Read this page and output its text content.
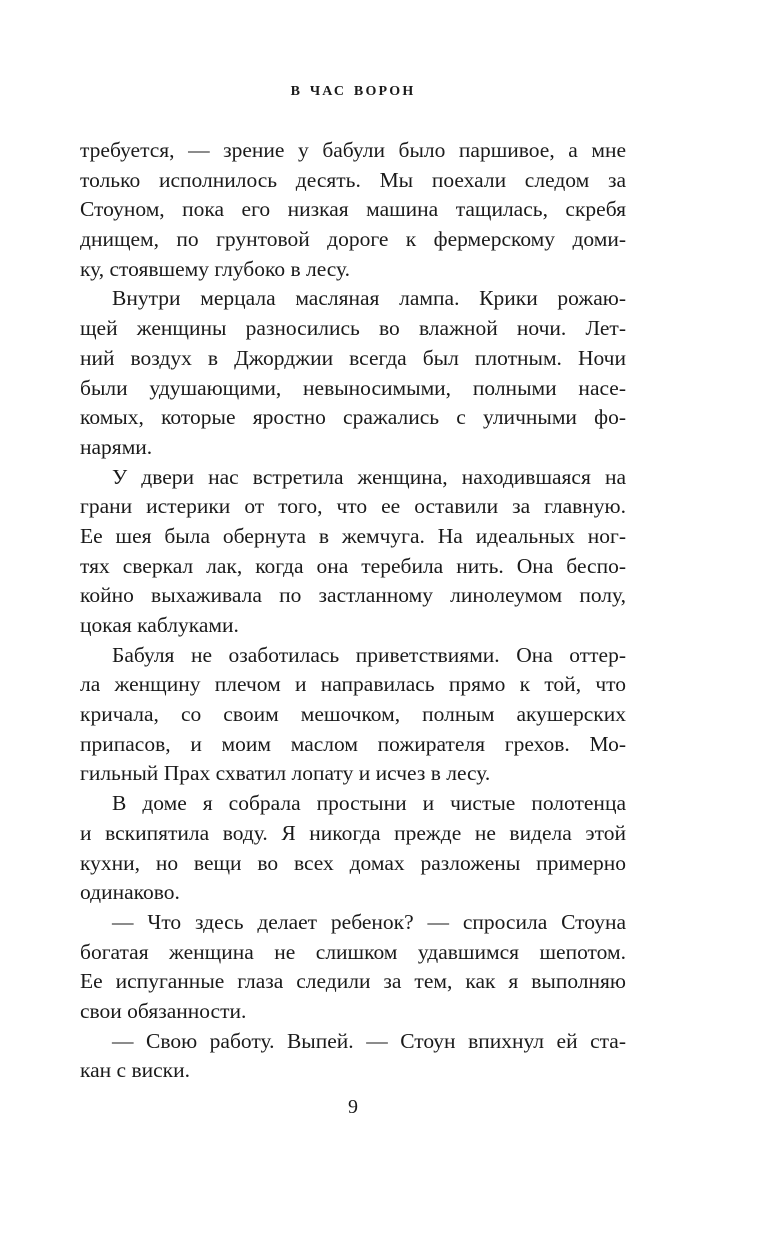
В ЧАС ВОРОН

требуется, — зрение у бабули было паршивое, а мне
только исполнилось десять. Мы поехали следом за
Стоуном, пока его низкая машина тащилась, скребя
днищем, по грунтовой дороге к фермерскому доми-
ку, стоявшему глубоко в лесу.

Внутри мерцала масляная лампа. Крики рожаю-
щей женщины разносились во влажной ночи. Лет-
ний воздух в Джорджии всегда был плотным. Ночи
были удушающими, невыносимыми, полными насе-
комых, которые яростно сражались с уличными фо-
нарями.

У двери нас встретила женщина, находившаяся на
грани истерики от того, что ее оставили за главную.
Ее шея была обернута в жемчуга. На идеальных ног-
тях сверкал лак, когда она теребила нить. Она беспо-
койно выхаживала по застланному линолеумом полу,
цокая каблуками.

Бабуля не озаботилась приветствиями. Она оттер-
ла женщину плечом и направилась прямо к той, что
кричала, со своим мешочком, полным акушерских
припасов, и моим маслом пожирателя грехов. Мо-
гильный Прах схватил лопату и исчез в лесу.

В доме я собрала простыни и чистые полотенца
и вскипятила воду. Я никогда прежде не видела этой
кухни, но вещи во всех домах разложены примерно
одинаково.

— Что здесь делает ребенок? — спросила Стоуна
богатая женщина не слишком удавшимся шепотом.
Ее испуганные глаза следили за тем, как я выполняю
свои обязанности.

— Свою работу. Выпей. — Стоун впихнул ей ста-
кан с виски.

9
